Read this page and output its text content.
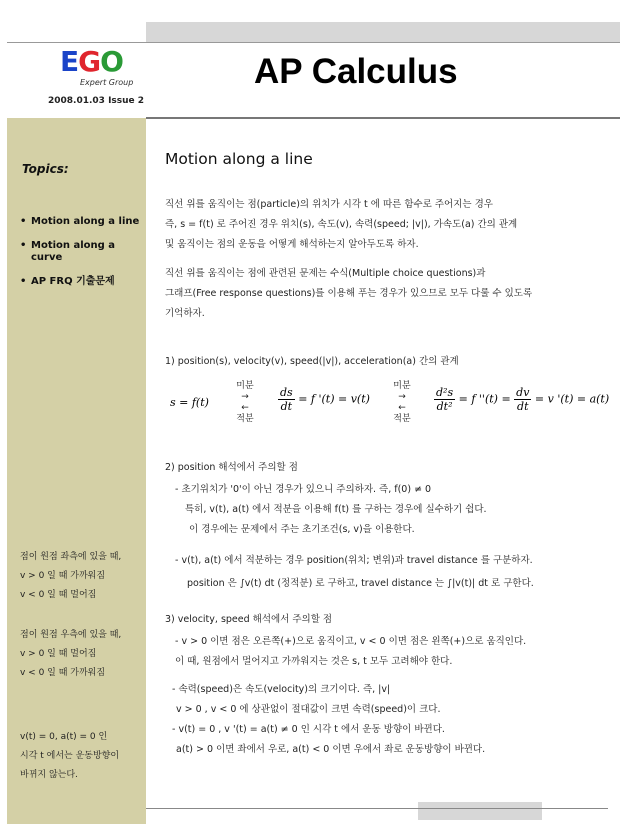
EGO
Expert Group
2008.01.03 Issue 2
AP Calculus
Topics:
• Motion along a line
• Motion along a curve
• AP FRQ 기출문제
점이 원점 좌측에 있을 때,
v > 0 일 때 가까워짐
v < 0 일 때 멀어짐
점이 원점 우측에 있을 때,
v > 0 일 때 멀어짐
v < 0 일 때 가까워짐
v(t) = 0, a(t) = 0 인
시각 t 에서는 운동방향이
바뀌지 않는다.
Motion along a line
직선 위를 움직이는 점(particle)의 위치가 시각 t 에 따른 함수로 주어지는 경우
즉, s = f(t) 로 주어진 경우 위치(s), 속도(v), 속력(speed; |v|), 가속도(a) 간의 관계
및 움직이는 점의 운동을 어떻게 해석하는지 알아두도록 하자.
직선 위를 움직이는 점에 관련된 문제는 수식(Multiple choice questions)과
그래프(Free response questions)를 이용해 푸는 경우가 있으므로 모두 다룰 수 있도록
기억하자.
1) position(s), velocity(v), speed(|v|), acceleration(a) 간의 관계
s = f(t)
미분
→
←
적분
$\frac{ds}{dt} = f$ '(t) = v(t)
미분
→
←
적분
$\frac{\text{d²s}}{\text{dt²}} = f$ ''$(t) = \frac{dv}{dt} = v$ '(t) = a(t)
2) position 해석에서 주의할 점
- 초기위치가 '0'이 아닌 경우가 있으니 주의하자. 즉, f(0) ≠ 0
특히, v(t), a(t) 에서 적분을 이용해 f(t) 를 구하는 경우에 실수하기 쉽다.
이 경우에는 문제에서 주는 초기조건(s, v)을 이용한다.
- v(t), a(t) 에서 적분하는 경우 position(위치; 변위)과 travel distance 를 구분하자.
position 은 ∫v(t) dt (정적분) 로 구하고, travel distance 는 ∫|v(t)| dt 로 구한다.
3) velocity, speed 해석에서 주의할 점
- v > 0 이면 점은 오른쪽(+)으로 움직이고, v < 0 이면 점은 왼쪽(+)으로 움직인다.
이 때, 원점에서 멀어지고 가까워지는 것은 s, t 모두 고려해야 한다.
- 속력(speed)은 속도(velocity)의 크기이다. 즉, |v|
v > 0 , v < 0 에 상관없이 절대값이 크면 속력(speed)이 크다.
- v(t) = 0 , v '(t) = a(t) ≠ 0 인 시각 t 에서 운동 방향이 바뀐다.
a(t) > 0 이면 좌에서 우로, a(t) < 0 이면 우에서 좌로 운동방향이 바뀐다.
